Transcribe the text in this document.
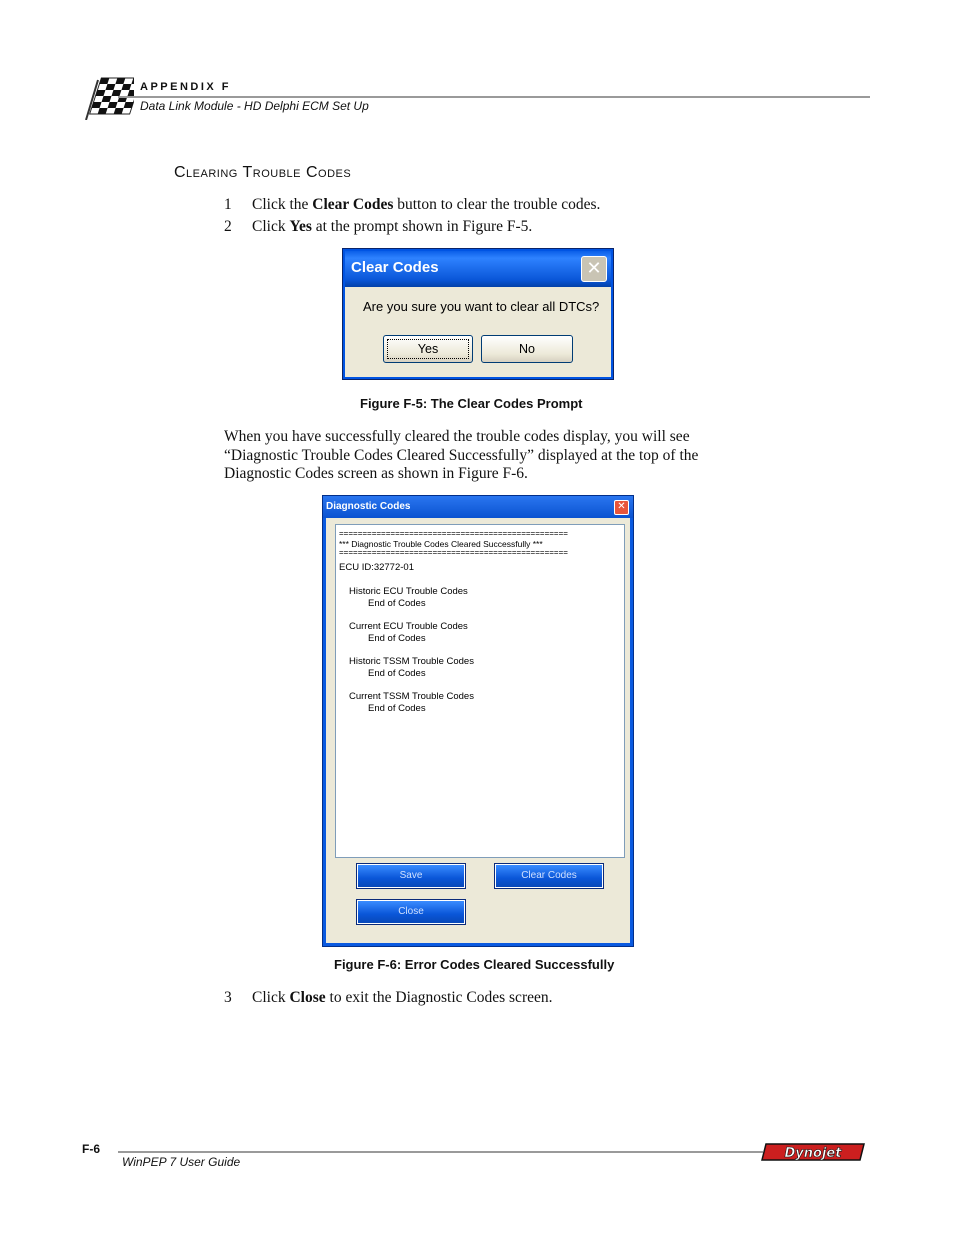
APPENDIX F
Data Link Module - HD Delphi ECM Set Up
Clearing Trouble Codes
1 Click the Clear Codes button to clear the trouble codes.
2 Click Yes at the prompt shown in Figure F-5.
Clear Codes	✕
Are you sure you want to clear all DTCs?
Yes	No
Figure F-5: The Clear Codes Prompt
When you have successfully cleared the trouble codes display, you will see “Diagnostic Trouble Codes Cleared Successfully” displayed at the top of the Diagnostic Codes screen as shown in Figure F-6.
Diagnostic Codes	✕
=================================================
*** Diagnostic Trouble Codes Cleared Successfully ***
=================================================
ECU ID:32772-01
Historic ECU Trouble Codes
End of Codes
Current ECU Trouble Codes
End of Codes
Historic TSSM Trouble Codes
End of Codes
Current TSSM Trouble Codes
End of Codes
Save	Clear Codes
Close
Figure F-6: Error Codes Cleared Successfully
3 Click Close to exit the Diagnostic Codes screen.
F-6
WinPEP 7 User Guide
Dynojet
